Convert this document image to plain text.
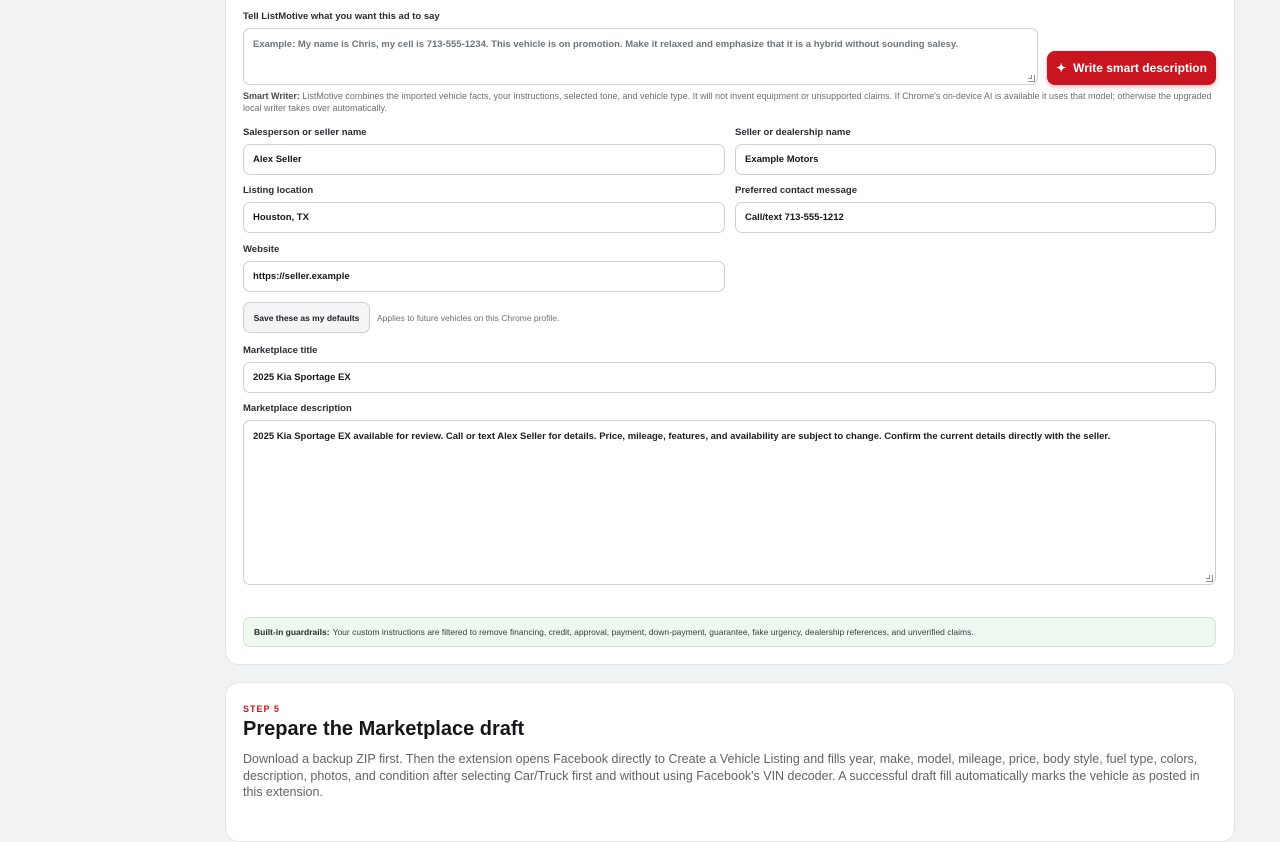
Tell ListMotive what you want this ad to say
Example: My name is Chris, my cell is 713-555-1234. This vehicle is on promotion. Make it relaxed and emphasize that it is a hybrid without sounding salesy.
✦ Write smart description
Smart Writer: ListMotive combines the imported vehicle facts, your instructions, selected tone, and vehicle type. It will not invent equipment or unsupported claims. If Chrome's on-device AI is available it uses that model; otherwise the upgraded local writer takes over automatically.
Salesperson or seller name
Alex Seller
Seller or dealership name
Example Motors
Listing location
Houston, TX
Preferred contact message
Call/text 713-555-1212
Website
https://seller.example
Save these as my defaults	Applies to future vehicles on this Chrome profile.
Marketplace title
2025 Kia Sportage EX
Marketplace description
2025 Kia Sportage EX available for review. Call or text Alex Seller for details. Price, mileage, features, and availability are subject to change. Confirm the current details directly with the seller.
Built-in guardrails: Your custom instructions are filtered to remove financing, credit, approval, payment, down-payment, guarantee, fake urgency, dealership references, and unverified claims.
STEP 5
Prepare the Marketplace draft
Download a backup ZIP first. Then the extension opens Facebook directly to Create a Vehicle Listing and fills year, make, model, mileage, price, body style, fuel type, colors, description, photos, and condition after selecting Car/Truck first and without using Facebook's VIN decoder. A successful draft fill automatically marks the vehicle as posted in this extension.
